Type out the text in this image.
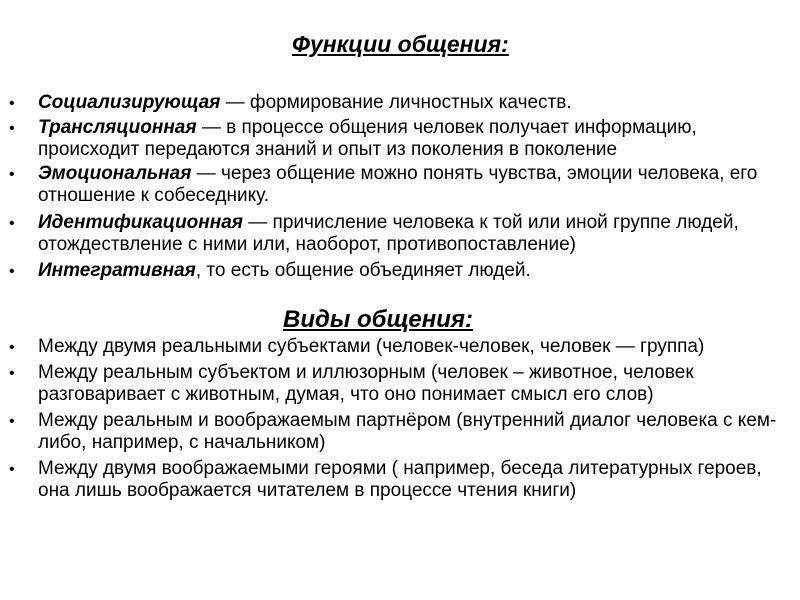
Функции общения:
• Социализирующая — формирование личностных качеств.
• Трансляционная — в процессе общения человек получает информацию, происходит передаются знаний и опыт из поколения в поколение
• Эмоциональная — через общение можно понять чувства, эмоции человека, его отношение к собеседнику.
• Идентификационная — причисление человека к той или иной группе людей, отождествление с ними или, наоборот, противопоставление)
• Интегративная, то есть общение объединяет людей.
Виды общения:
• Между двумя реальными субъектами (человек-человек, человек — группа)
• Между реальным субъектом и иллюзорным (человек – животное, человек разговаривает с животным, думая, что оно понимает смысл его слов)
• Между реальным и воображаемым партнёром (внутренний диалог человека с кем-либо, например, с начальником)
• Между двумя воображаемыми героями ( например, беседа литературных героев, она лишь воображается читателем в процессе чтения книги)
